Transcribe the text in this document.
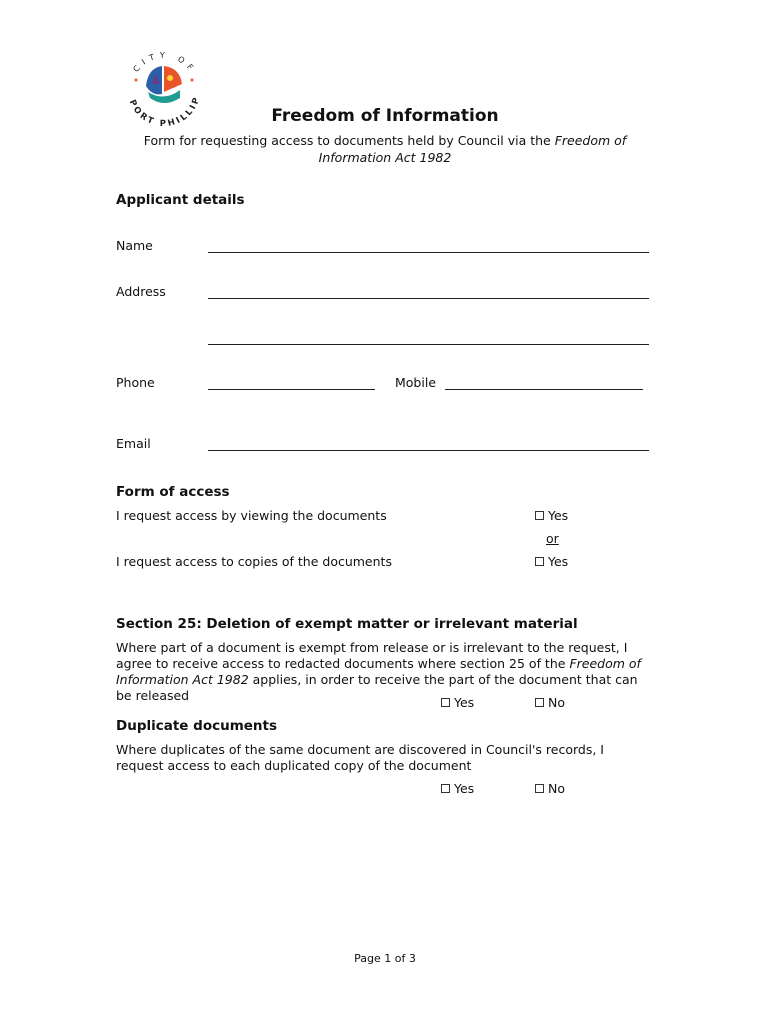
CITY OF
PORT PHILLIP
Freedom of Information
Form for requesting access to documents held by Council via the Freedom of Information Act 1982
Applicant details
Name
Address
Phone	Mobile
Email
Form of access
I request access by viewing the documents	Yes
or
I request access to copies of the documents	Yes
Section 25: Deletion of exempt matter or irrelevant material
Where part of a document is exempt from release or is irrelevant to the request, I agree to receive access to redacted documents where section 25 of the Freedom of Information Act 1982 applies, in order to receive the part of the document that can be released	Yes	No
Duplicate documents
Where duplicates of the same document are discovered in Council's records, I request access to each duplicated copy of the document
Yes	No
Page 1 of 3
